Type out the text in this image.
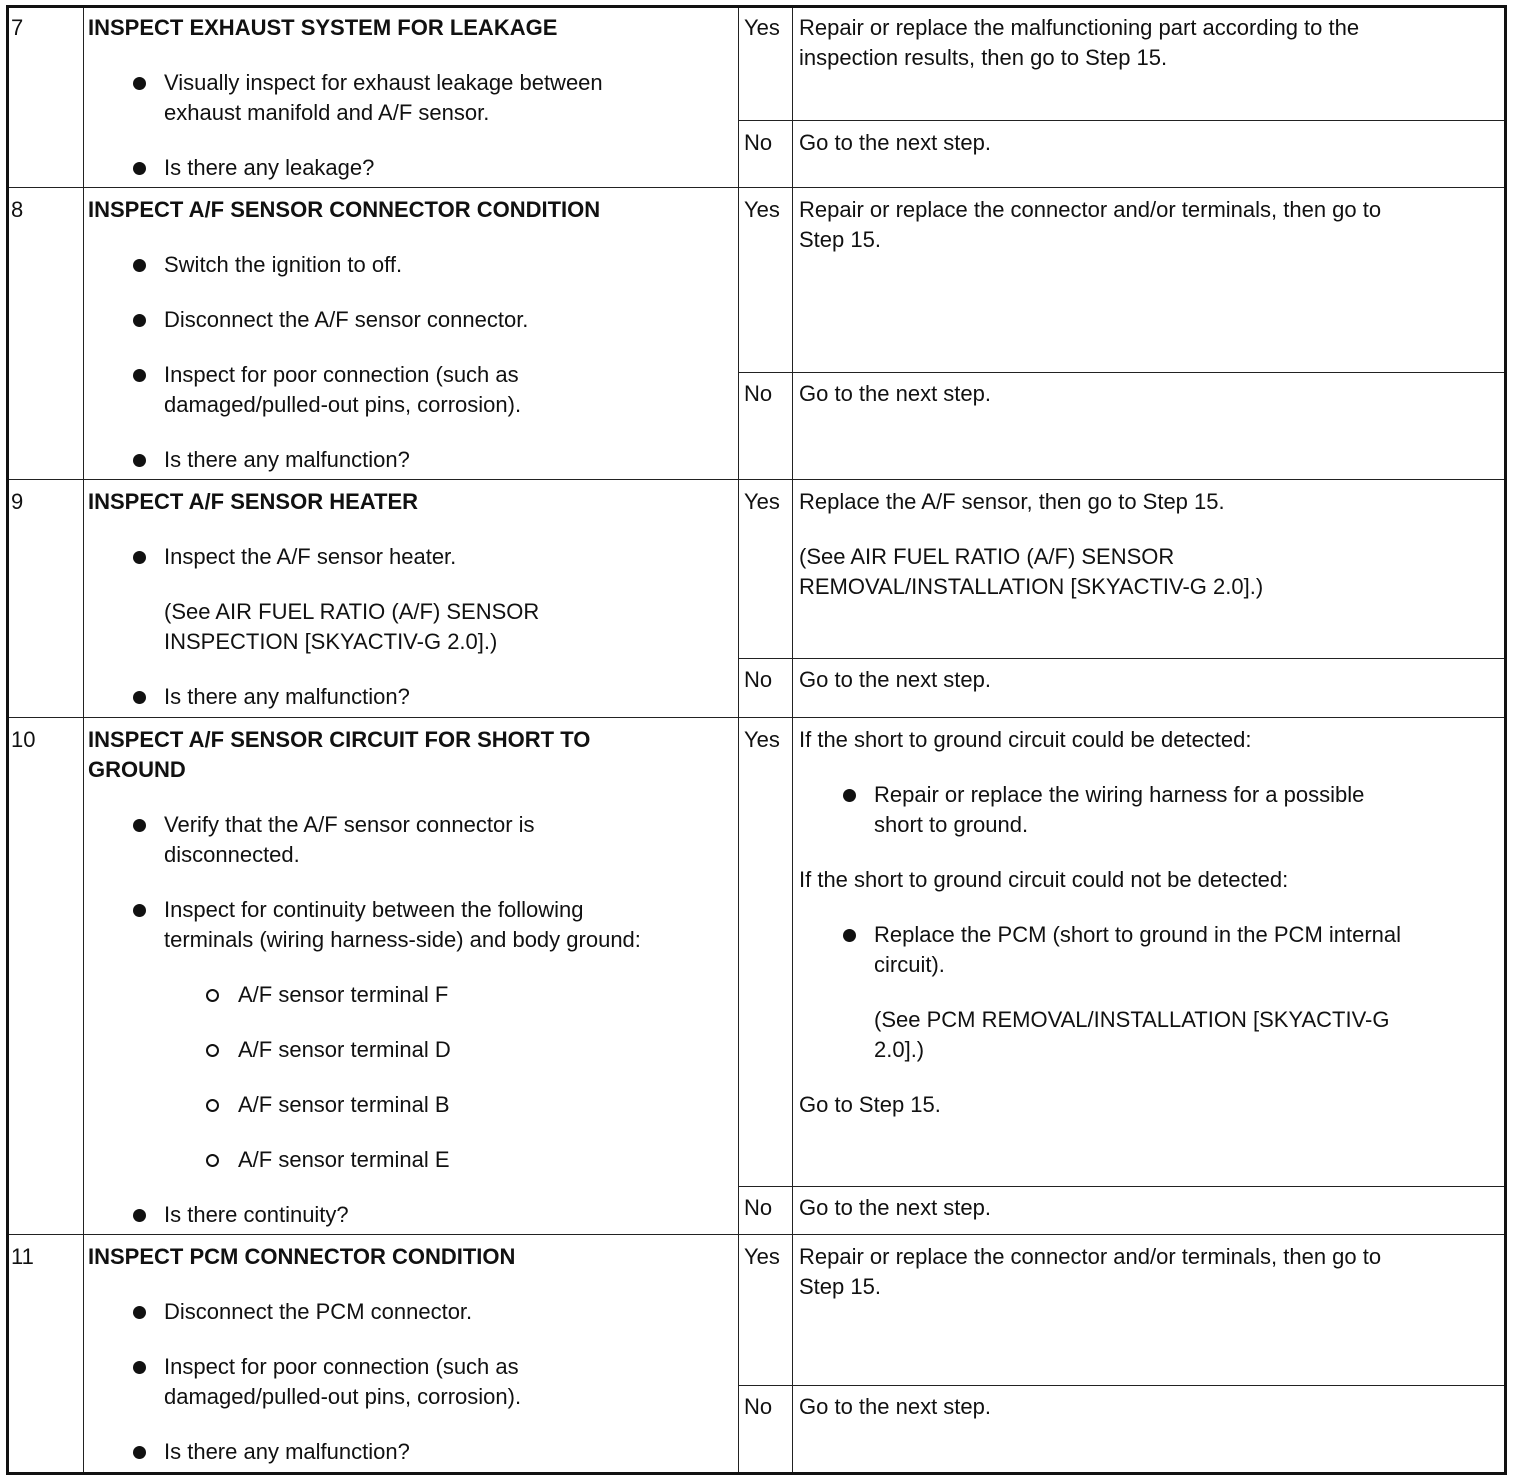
7	INSPECT EXHAUST SYSTEM FOR LEAKAGE
Visually inspect for exhaust leakage between
exhaust manifold and A/F sensor.
Is there any leakage?
Yes Repair or replace the malfunctioning part according to the
inspection results, then go to Step 15.
No Go to the next step.
8	INSPECT A/F SENSOR CONNECTOR CONDITION
Switch the ignition to off.
Disconnect the A/F sensor connector.
Inspect for poor connection (such as
damaged/pulled-out pins, corrosion).
Is there any malfunction?
Yes Repair or replace the connector and/or terminals, then go to
Step 15.
No Go to the next step.
9	INSPECT A/F SENSOR HEATER
Inspect the A/F sensor heater.
(See AIR FUEL RATIO (A/F) SENSOR
INSPECTION [SKYACTIV-G 2.0].)
Is there any malfunction?
Yes Replace the A/F sensor, then go to Step 15.
(See AIR FUEL RATIO (A/F) SENSOR
REMOVAL/INSTALLATION [SKYACTIV-G 2.0].)
No Go to the next step.
10 INSPECT A/F SENSOR CIRCUIT FOR SHORT TO
GROUND
Verify that the A/F sensor connector is
disconnected.
Inspect for continuity between the following
terminals (wiring harness-side) and body ground:
A/F sensor terminal F
A/F sensor terminal D
A/F sensor terminal B
A/F sensor terminal E
Is there continuity?
Yes If the short to ground circuit could be detected:
Repair or replace the wiring harness for a possible
short to ground.
If the short to ground circuit could not be detected:
Replace the PCM (short to ground in the PCM internal
circuit).
(See PCM REMOVAL/INSTALLATION [SKYACTIV-G
2.0].)
Go to Step 15.
No Go to the next step.
11 INSPECT PCM CONNECTOR CONDITION
Disconnect the PCM connector.
Inspect for poor connection (such as
damaged/pulled-out pins, corrosion).
Is there any malfunction?
Yes Repair or replace the connector and/or terminals, then go to
Step 15.
No Go to the next step.
